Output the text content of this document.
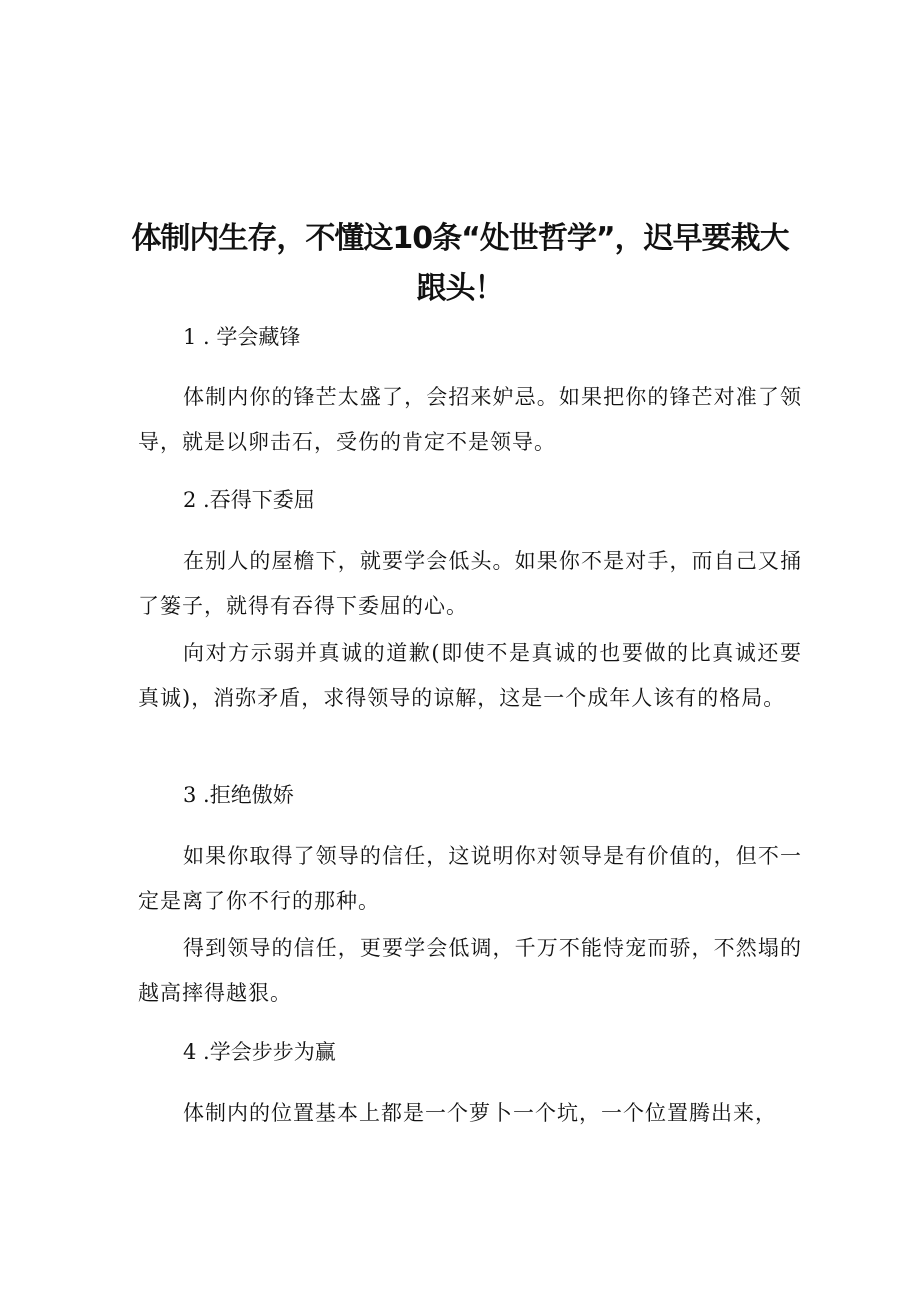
体制内生存，不懂这10条“处世哲学”，迟早要栽大跟头！
1 . 学会藏锋

体制内你的锋芒太盛了，会招来妒忌。如果把你的锋芒对准了领导，就是以卵击石，受伤的肯定不是领导。

2 .吞得下委屈

在别人的屋檐下，就要学会低头。如果你不是对手，而自己又捅了篓子，就得有吞得下委屈的心。

向对方示弱并真诚的道歉(即使不是真诚的也要做的比真诚还要真诚)，消弥矛盾，求得领导的谅解，这是一个成年人该有的格局。

3 .拒绝傲娇

如果你取得了领导的信任，这说明你对领导是有价值的，但不一定是离了你不行的那种。

得到领导的信任，更要学会低调，千万不能恃宠而骄，不然塌的越高摔得越狠。

4 .学会步步为赢

体制内的位置基本上都是一个萝卜一个坑，一个位置腾出来，
